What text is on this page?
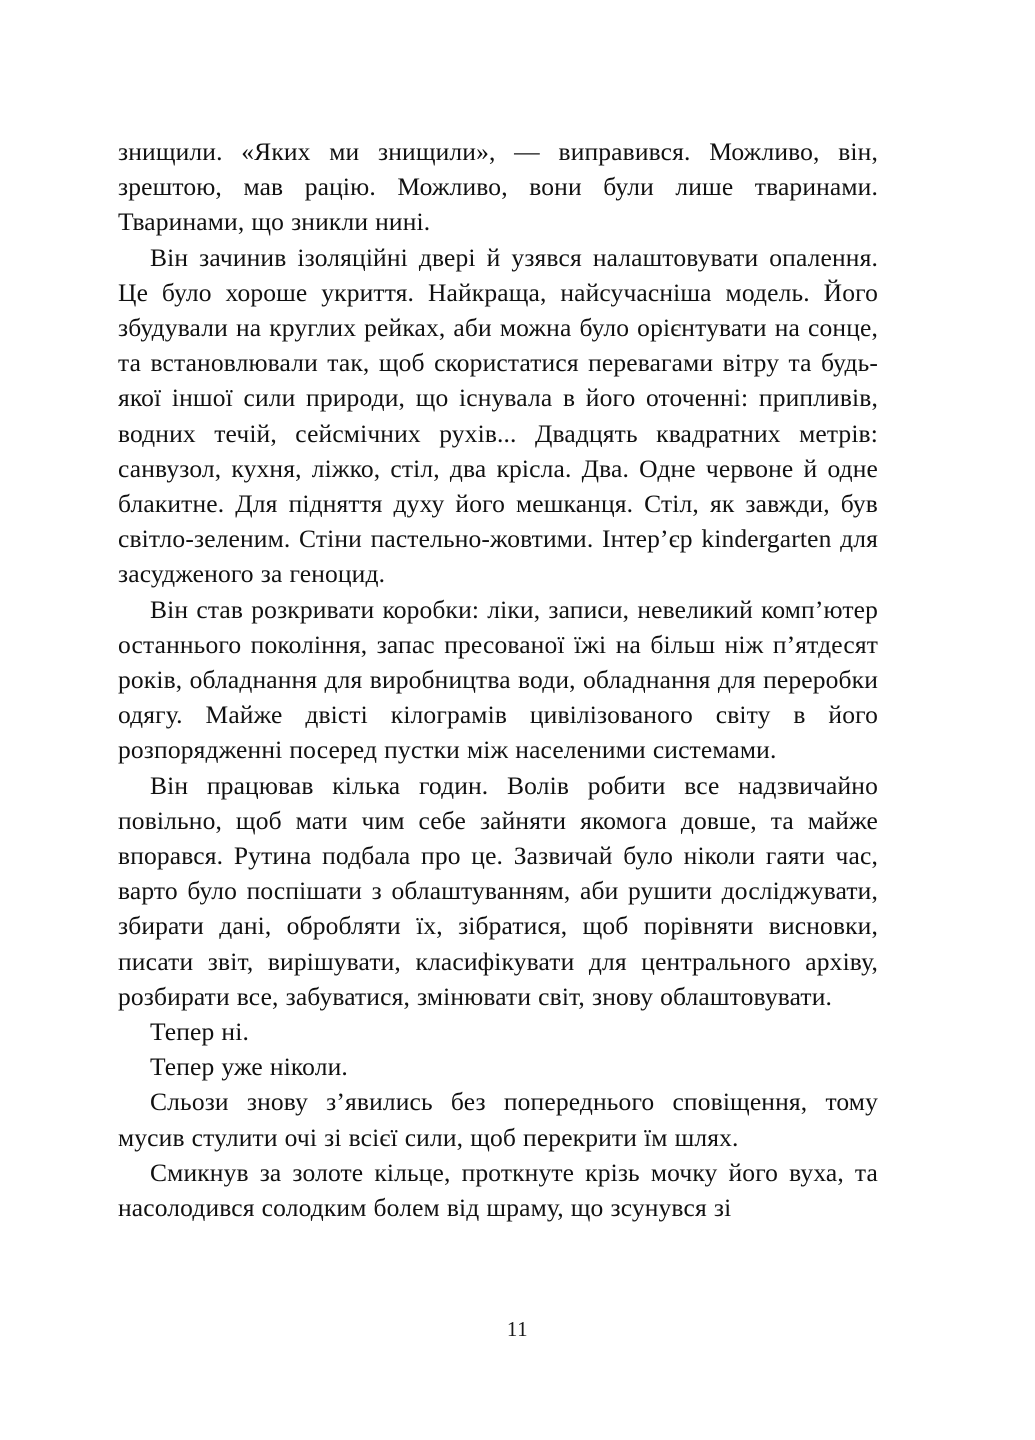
знищили. «Яких ми знищили», — виправився. Можливо, він, зрештою, мав рацію. Можливо, вони були лише тваринами. Тваринами, що зникли нині.

Він зачинив ізоляційні двері й узявся налаштовувати опалення. Це було хороше укриття. Найкраща, найсучасніша модель. Його збудували на круглих рейках, аби можна було орієнтувати на сонце, та встановлювали так, щоб скористатися перевагами вітру та будь-якої іншої сили природи, що існувала в його оточенні: припливів, водних течій, сейсмічних рухів... Двадцять квадратних метрів: санвузол, кухня, ліжко, стіл, два крісла. Два. Одне червоне й одне блакитне. Для підняття духу його мешканця. Стіл, як завжди, був світло-зеленим. Стіни пастельно-жовтими. Інтер’єр kindergarten для засудженого за геноцид.

Він став розкривати коробки: ліки, записи, невеликий комп’ютер останнього покоління, запас пресованої їжі на більш ніж п’ятдесят років, обладнання для виробництва води, обладнання для переробки одягу. Майже двісті кілограмів цивілізованого світу в його розпорядженні посеред пустки між населеними системами.

Він працював кілька годин. Волів робити все надзвичайно повільно, щоб мати чим себе зайняти якомога довше, та майже впорався. Рутина подбала про це. Зазвичай було ніколи гаяти час, варто було поспішати з облаштуванням, аби рушити досліджувати, збирати дані, обробляти їх, зібратися, щоб порівняти висновки, писати звіт, вирішувати, класифікувати для центрального архіву, розбирати все, забуватися, змінювати світ, знову облаштовувати.

Тепер ні.

Тепер уже ніколи.

Сльози знову з’явились без попереднього сповіщення, тому мусив стулити очі зі всієї сили, щоб перекрити їм шлях.

Смикнув за золоте кільце, проткнуте крізь мочку його вуха, та насолодився солодким болем від шраму, що зсунувся зі

11
